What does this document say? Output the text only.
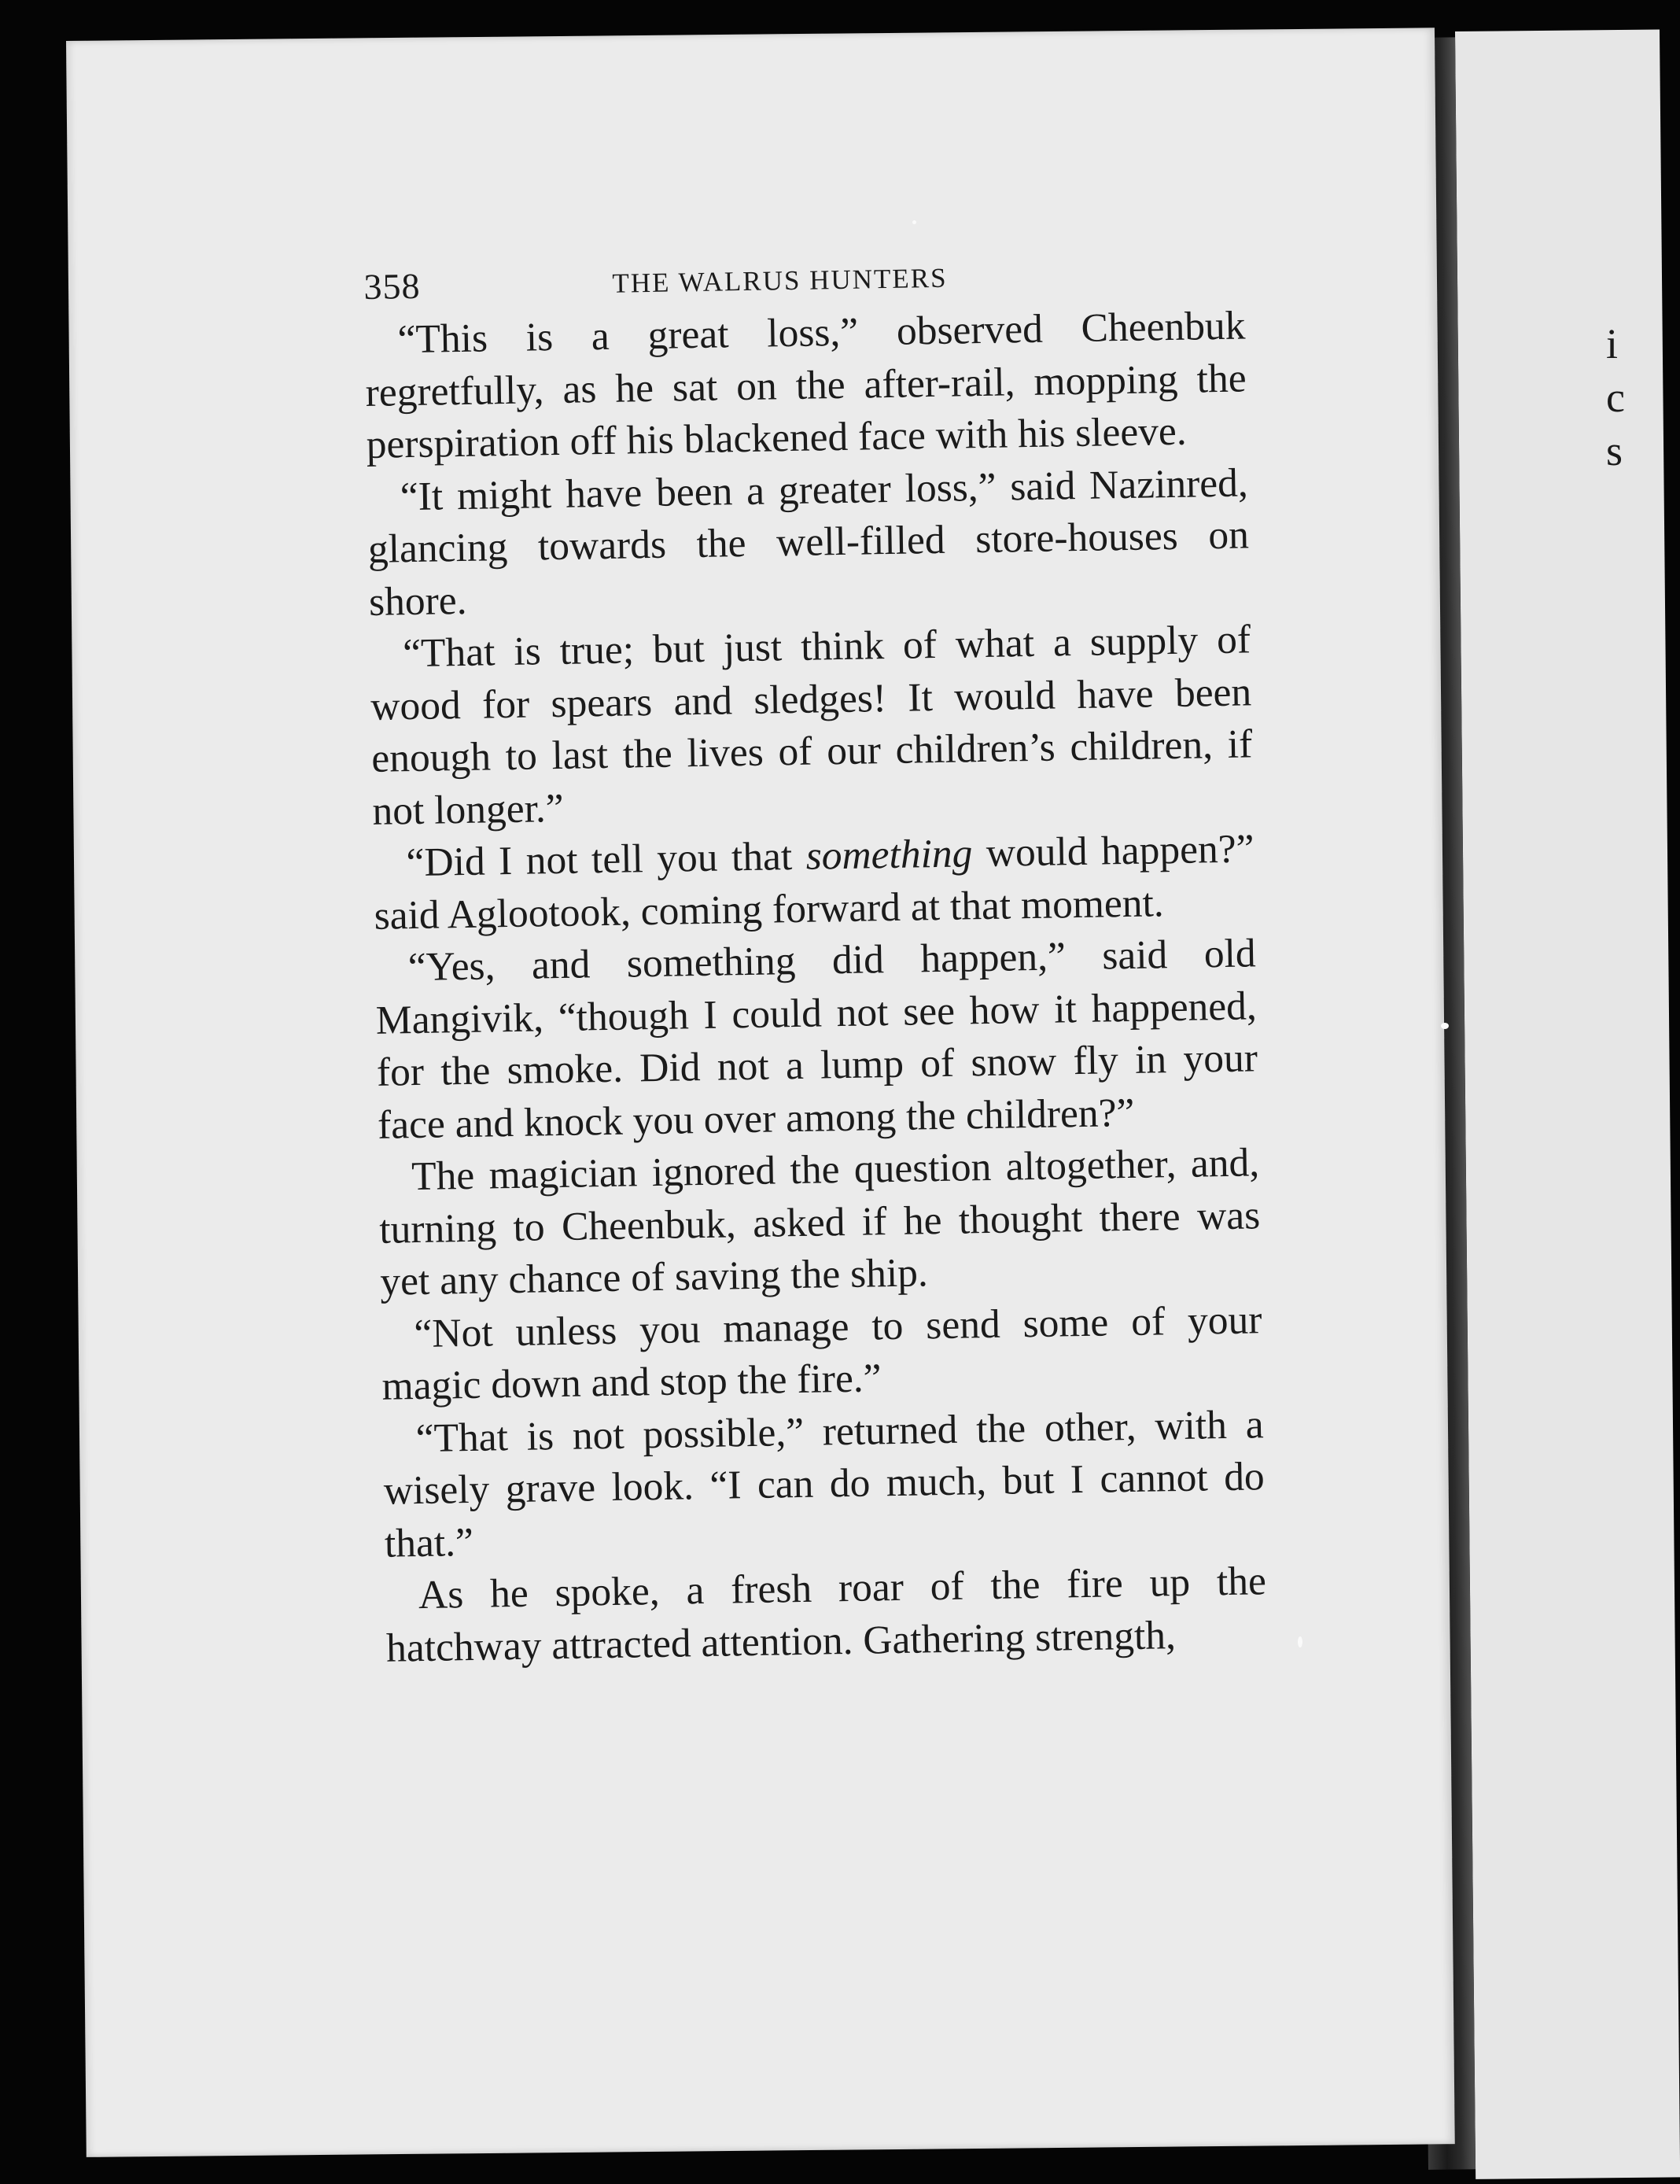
i
c
s
358	THE WALRUS HUNTERS

“This is a great loss,” observed Cheenbuk regretfully, as he sat on the after-rail, mopping the perspiration off his blackened face with his sleeve.

“It might have been a greater loss,” said Nazinred, glancing towards the well-filled store-houses on shore.

“That is true; but just think of what a supply of wood for spears and sledges! It would have been enough to last the lives of our children’s children, if not longer.”

“Did I not tell you that something would happen?” said Aglootook, coming forward at that moment.

“Yes, and something did happen,” said old Mangivik, “though I could not see how it happened, for the smoke. Did not a lump of snow fly in your face and knock you over among the children?”

The magician ignored the question altogether, and, turning to Cheenbuk, asked if he thought there was yet any chance of saving the ship.

“Not unless you manage to send some of your magic down and stop the fire.”

“That is not possible,” returned the other, with a wisely grave look. “I can do much, but I cannot do that.”

As he spoke, a fresh roar of the fire up the hatchway attracted attention. Gathering strength,
